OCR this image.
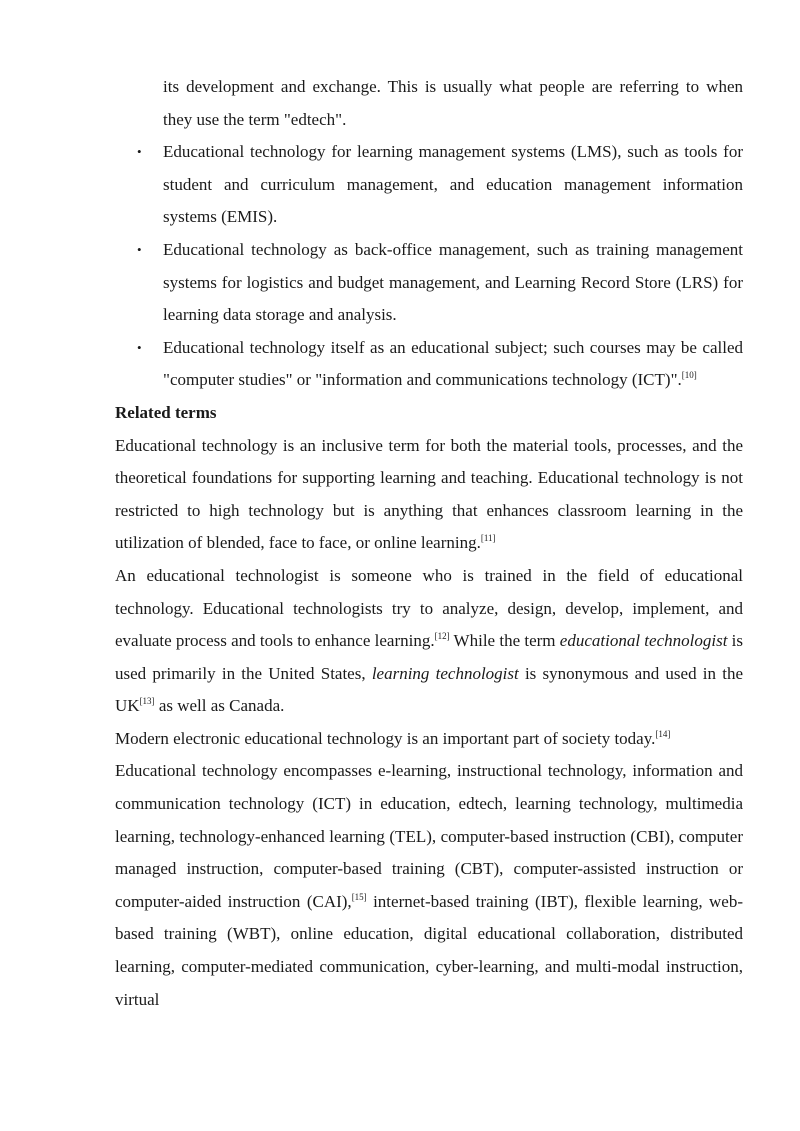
its development and exchange. This is usually what people are referring to when they use the term "edtech".
• Educational technology for learning management systems (LMS), such as tools for student and curriculum management, and education management information systems (EMIS).
• Educational technology as back-office management, such as training management systems for logistics and budget management, and Learning Record Store (LRS) for learning data storage and analysis.
• Educational technology itself as an educational subject; such courses may be called "computer studies" or "information and communications technology (ICT)".[10]

Related terms

Educational technology is an inclusive term for both the material tools, processes, and the theoretical foundations for supporting learning and teaching. Educational technology is not restricted to high technology but is anything that enhances classroom learning in the utilization of blended, face to face, or online learning.[11]

An educational technologist is someone who is trained in the field of educational technology. Educational technologists try to analyze, design, develop, implement, and evaluate process and tools to enhance learning.[12] While the term educational technologist is used primarily in the United States, learning technologist is synonymous and used in the UK[13] as well as Canada.

Modern electronic educational technology is an important part of society today.[14]

Educational technology encompasses e-learning, instructional technology, information and communication technology (ICT) in education, edtech, learning technology, multimedia learning, technology-enhanced learning (TEL), computer-based instruction (CBI), computer managed instruction, computer-based training (CBT), computer-assisted instruction or computer-aided instruction (CAI),[15] internet-based training (IBT), flexible learning, web-based training (WBT), online education, digital educational collaboration, distributed learning, computer-mediated communication, cyber-learning, and multi-modal instruction, virtual
